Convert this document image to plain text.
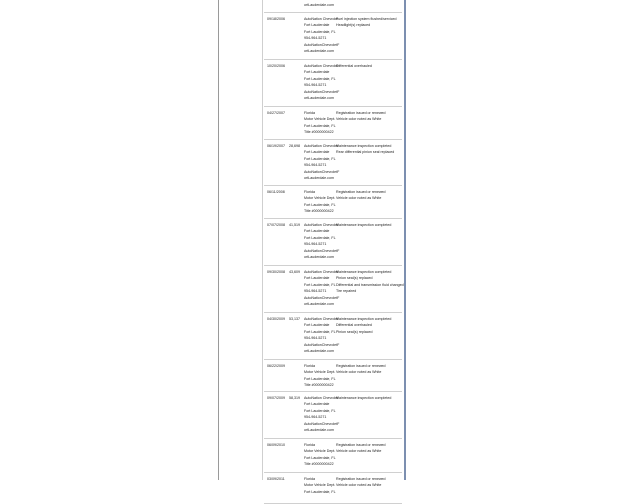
ortLauderdale.com
09/18/2006	AutoNation Chevrolet
Fort Lauderdale
Fort Lauderdale, FL
954-964-5271
AutoNationChevroletF
ortLauderdale.com
Fuel injection system flushed/serviced
Headlight(s) replaced
10/20/2006	AutoNation Chevrolet
Fort Lauderdale
Fort Lauderdale, FL
954-964-5271
AutoNationChevroletF
ortLauderdale.com
Differential overhauled
04/27/2007	Florida
Motor Vehicle Dept.
Fort Lauderdale, FL
Title #0000000422
Registration issued or renewed
Vehicle color noted as White
06/19/2007 28,698 AutoNation Chevrolet
Fort Lauderdale
Fort Lauderdale, FL
954-964-5271
AutoNationChevroletF
ortLauderdale.com
Maintenance inspection completed
Rear differential pinion seal replaced
06/11/2008	Florida
Motor Vehicle Dept.
Fort Lauderdale, FL
Title #0000000422
Registration issued or renewed
Vehicle color noted as White
07/07/2008 41,519 AutoNation Chevrolet
Fort Lauderdale
Fort Lauderdale, FL
954-964-5271
AutoNationChevroletF
ortLauderdale.com
Maintenance inspection completed
09/30/2008 43,609 AutoNation Chevrolet
Fort Lauderdale
Fort Lauderdale, FL
954-964-5271
AutoNationChevroletF
ortLauderdale.com
Maintenance inspection completed
Pinion seal(s) replaced
Differential and transmission fluid changed
Tire repaired
04/30/2009 53,137 AutoNation Chevrolet
Fort Lauderdale
Fort Lauderdale, FL
954-964-5271
AutoNationChevroletF
ortLauderdale.com
Maintenance inspection completed
Differential overhauled
Pinion seal(s) replaced
06/22/2009	Florida
Motor Vehicle Dept.
Fort Lauderdale, FL
Title #0000000422
Registration issued or renewed
Vehicle color noted as White
09/07/2009 58,319 AutoNation Chevrolet
Fort Lauderdale
Fort Lauderdale, FL
954-964-5271
AutoNationChevroletF
ortLauderdale.com
Maintenance inspection completed
06/09/2010	Florida
Motor Vehicle Dept.
Fort Lauderdale, FL
Title #0000000422
Registration issued or renewed
Vehicle color noted as White
03/09/2011	Florida
Motor Vehicle Dept.
Fort Lauderdale, FL
Registration issued or renewed
Vehicle color noted as White
